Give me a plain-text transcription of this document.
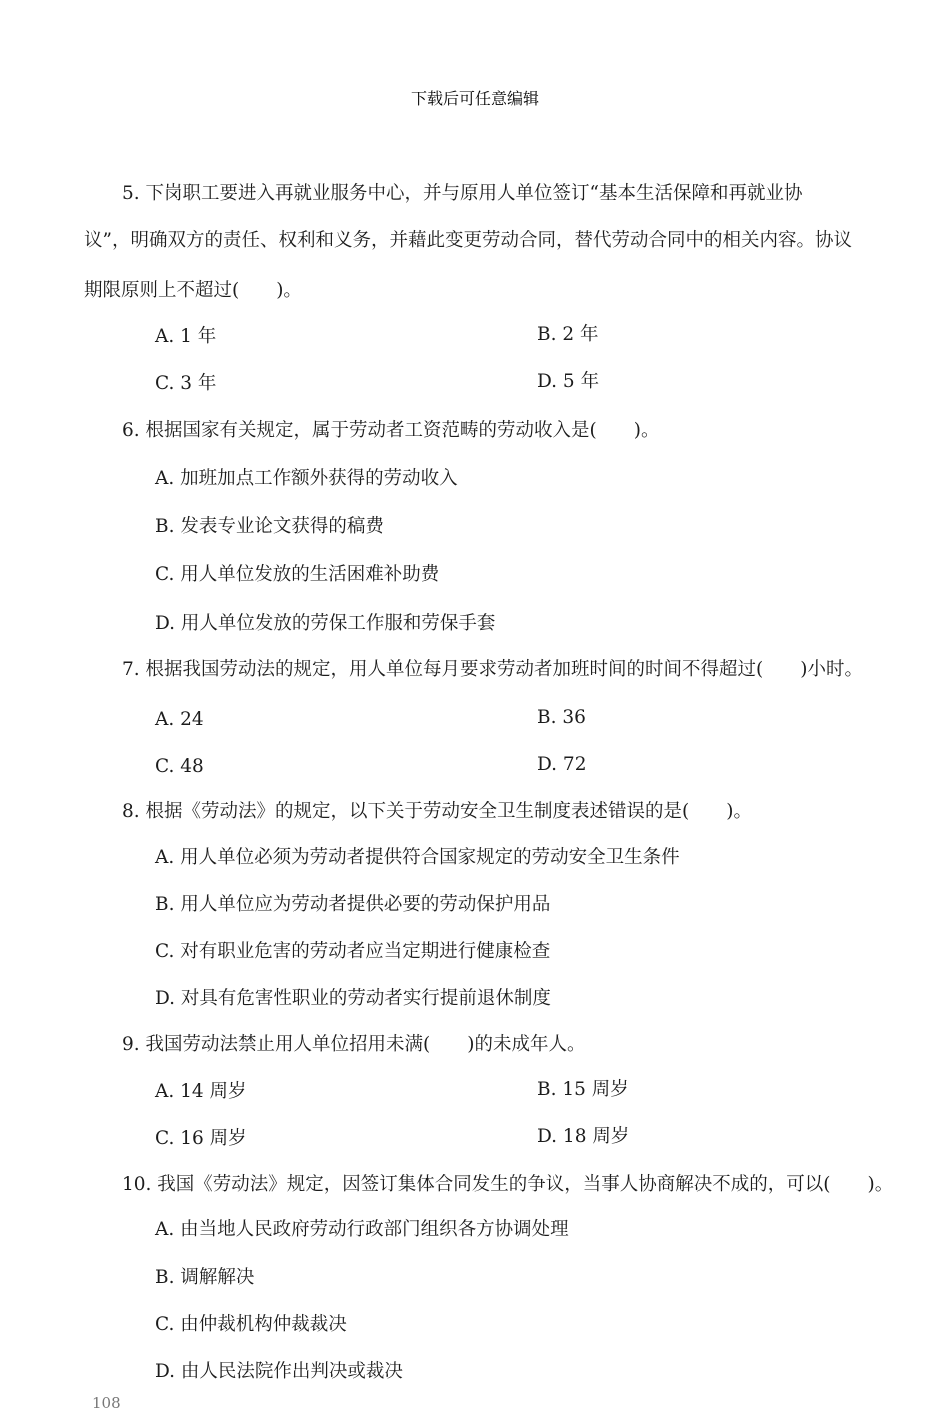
下载后可任意编辑
5. 下岗职工要进入再就业服务中心，并与原用人单位签订“基本生活保障和再就业协
议”，明确双方的责任、权利和义务，并藉此变更劳动合同，替代劳动合同中的相关内容。协议
期限原则上不超过(　　)。
A. 1 年	B. 2 年
C. 3 年	D. 5 年
6. 根据国家有关规定，属于劳动者工资范畴的劳动收入是(　　)。
A. 加班加点工作额外获得的劳动收入
B. 发表专业论文获得的稿费
C. 用人单位发放的生活困难补助费
D. 用人单位发放的劳保工作服和劳保手套
7. 根据我国劳动法的规定，用人单位每月要求劳动者加班时间的时间不得超过(　　)小时。
A. 24	B. 36
C. 48	D. 72
8. 根据《劳动法》的规定，以下关于劳动安全卫生制度表述错误的是(　　)。
A. 用人单位必须为劳动者提供符合国家规定的劳动安全卫生条件
B. 用人单位应为劳动者提供必要的劳动保护用品
C. 对有职业危害的劳动者应当定期进行健康检查
D. 对具有危害性职业的劳动者实行提前退休制度
9. 我国劳动法禁止用人单位招用未满(　　)的未成年人。
A. 14 周岁	B. 15 周岁
C. 16 周岁	D. 18 周岁
10. 我国《劳动法》规定，因签订集体合同发生的争议，当事人协商解决不成的，可以(　　)。
A. 由当地人民政府劳动行政部门组织各方协调处理
B. 调解解决
C. 由仲裁机构仲裁裁决
D. 由人民法院作出判决或裁决
108
